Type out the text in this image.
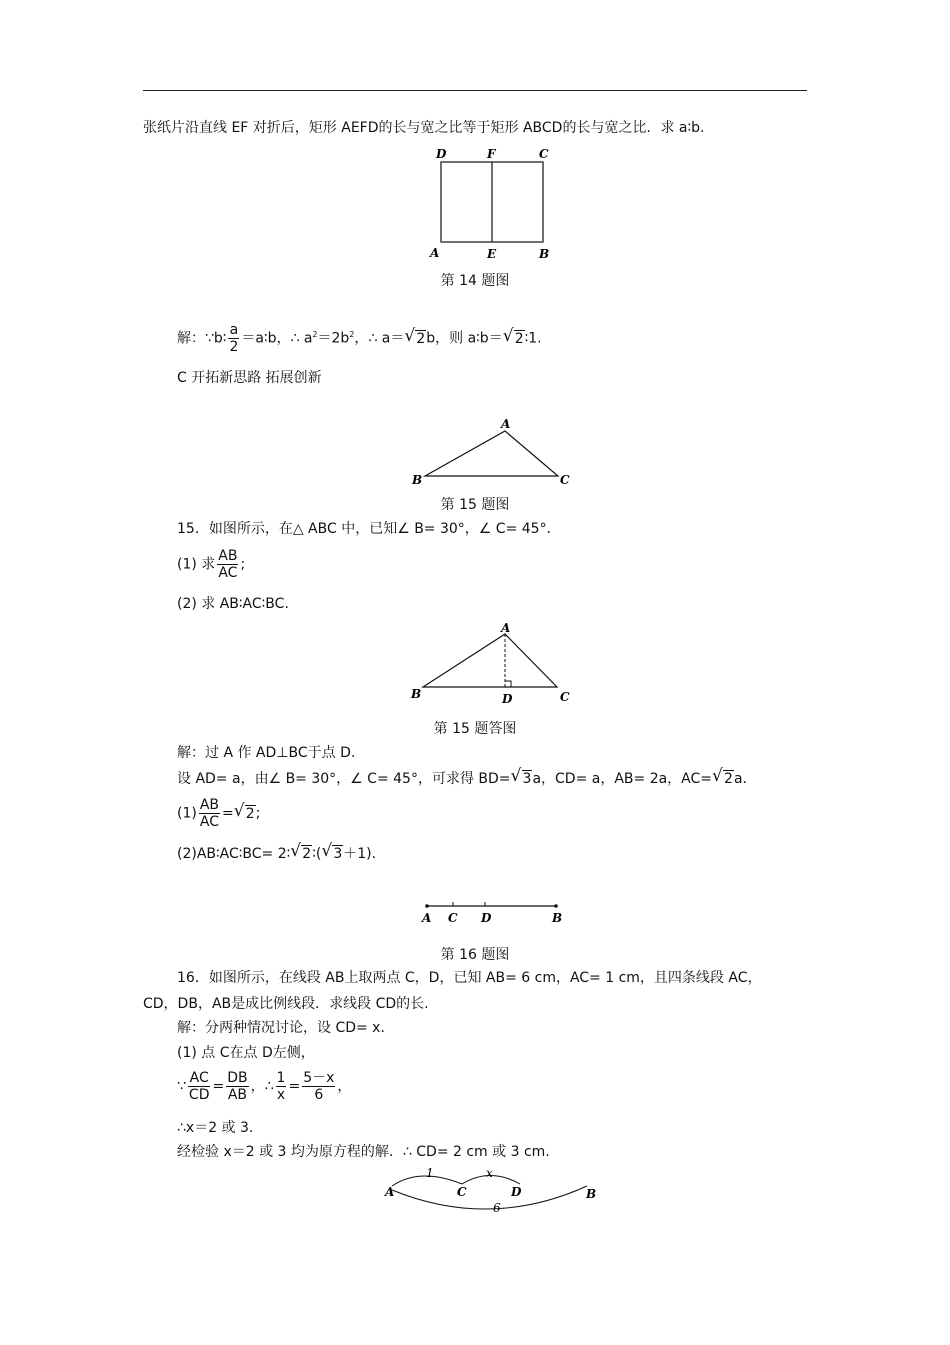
张纸片沿直线 EF 对折后，矩形 AEFD的长与宽之比等于矩形 ABCD的长与宽之比．求 a∶b.
D	F	C
A	E	B
第 14 题图
解：∵b∶ $\frac{a}{2}$ ＝a∶b，∴ $a^2=2b^2$，∴ a＝ √ 2b，则 a∶b＝ √ 2∶1.
C 开拓新思路 拓展创新
A
B	C
第 15 题图
15．如图所示，在△ ABC 中，已知∠ B= 30°，∠ C= 45°．
(1) 求 $\frac{AB}{AC}$ ;
(2) 求 AB∶AC∶BC.
A
B	D	C
第 15 题答图
解：过 A 作 AD⊥BC于点 D.
设 AD= a，由∠ B= 30°，∠ C= 45°，可求得 BD= √ 3a，CD= a，AB= 2a，AC= √ 2a.
$(1) \frac{AB}{AC}$ = √ 2;
(2)AB∶AC∶BC= 2∶ √ 2∶( √ 3＋1).
A C D	B
第 16 题图
16．如图所示，在线段 AB上取两点 C，D，已知 AB= 6 cm，AC= 1 cm，且四条线段 AC，
CD，DB，AB是成比例线段．求线段 CD的长.
解：分两种情况讨论，设 CD= x.
(1) 点 C在点 D左侧，
∵ $\frac{AC}{CD} = \frac{DB}{AB}$ ，∴ $\frac{1}{x} = \frac{5-x}{6}$ ，
∴x＝2 或 3.
经检验 x＝2 或 3 均为原方程的解．∴ CD= 2 cm 或 3 cm.
1	x
6
A	C	D	B
